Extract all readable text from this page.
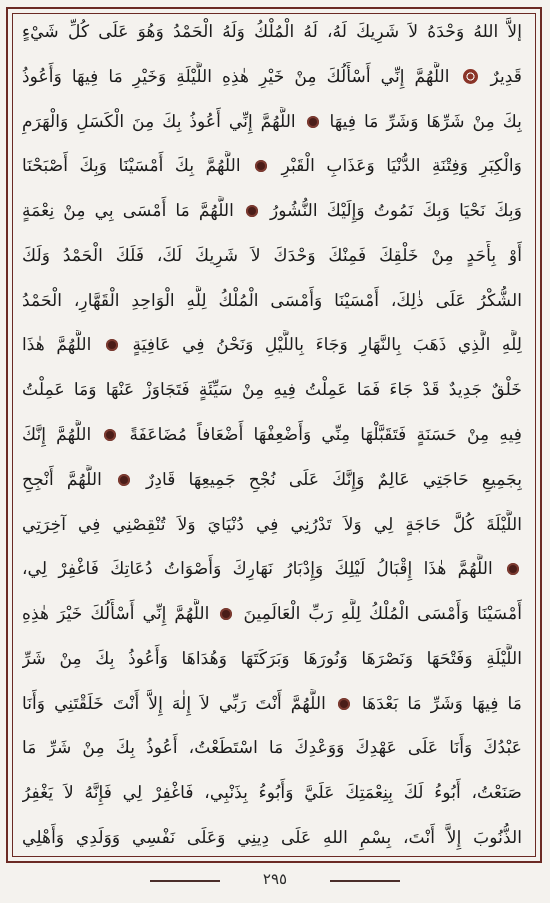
إلاَّ اللهُ وَحْدَهُ لاَ شَرِيكَ لَهُ، لَهُ الْمُلْكُ وَلَهُ الْحَمْدُ وَهُوَ عَلَى كُلِّ شَيْءٍ
قَدِيرٌ  اللَّهُمَّ إِنِّي أَسْأَلُكَ مِنْ خَيْرِ هٰذِهِ اللَّيْلَةِ وَخَيْرِ مَا فِيهَا وَأَعُوذُ
بِكَ مِنْ شَرِّهَا وَشَرِّ مَا فِيهَا  اللَّهُمَّ إِنِّي أَعُوذُ بِكَ مِنَ الْكَسَلِ وَالْهَرَمِ
وَالْكِبَرِ وَفِتْنَةِ الدُّنْيَا وَعَذَابِ الْقَبْرِ  اللَّهُمَّ بِكَ أَمْسَيْنَا وَبِكَ أَصْبَحْنَا
وَبِكَ نَحْيَا وَبِكَ نَمُوتُ وَإِلَيْكَ النُّشُورُ  اللَّهُمَّ مَا أَمْسَى بِي مِنْ نِعْمَةٍ
أَوْ بِأَحَدٍ مِنْ خَلْقِكَ فَمِنْكَ وَحْدَكَ لاَ شَرِيكَ لَكَ، فَلَكَ الْحَمْدُ وَلَكَ
الشُّكْرُ عَلَى ذٰلِكَ، أَمْسَيْنَا وَأَمْسَى الْمُلْكُ لِلَّهِ الْوَاحِدِ الْقَهَّارِ، الْحَمْدُ
لِلَّهِ الَّذِي ذَهَبَ بِالنَّهَارِ وَجَاءَ بِاللَّيْلِ وَنَحْنُ فِي عَافِيَةٍ  اللَّهُمَّ هٰذَا
خَلْقٌ جَدِيدٌ قَدْ جَاءَ فَمَا عَمِلْتُ فِيهِ مِنْ سَيِّئَةٍ فَتَجَاوَزْ عَنْهَا وَمَا عَمِلْتُ
فِيهِ مِنْ حَسَنَةٍ فَتَقَبَّلْهَا مِنِّي وَأَضْعِفْهَا أَضْعَافاً مُضَاعَفَةً  اللَّهُمَّ إِنَّكَ
بِجَمِيعِ حَاجَتِي عَالِمٌ وَإِنَّكَ عَلَى نُجْحِ جَمِيعِهَا قَادِرٌ  اللَّهُمَّ أَنْجِحِ
اللَّيْلَةَ كُلَّ حَاجَةٍ لِي وَلاَ تَدْرُنِي فِي دُنْيَايَ وَلاَ تُنْقِصْنِي فِي آخِرَتِي
اللَّهُمَّ هٰذَا إِقْبَالُ لَيْلِكَ وَإِدْبَارُ نَهَارِكَ وَأَصْوَاتُ دُعَاتِكَ فَاغْفِرْ لِي،
أَمْسَيْنَا وَأَمْسَى الْمُلْكُ لِلَّهِ رَبِّ الْعَالَمِينَ  اللَّهُمَّ إِنِّي أَسْأَلُكَ خَيْرَ هٰذِهِ
اللَّيْلَةِ وَفَتْحَهَا وَنَصْرَهَا وَنُورَهَا وَبَرَكَتَهَا وَهُدَاهَا وَأَعُوذُ بِكَ مِنْ شَرِّ
مَا فِيهَا وَشَرِّ مَا بَعْدَهَا  اللَّهُمَّ أَنْتَ رَبِّي لاَ إِلٰهَ إِلاَّ أَنْتَ خَلَقْتَنِي وَأَنَا
عَبْدُكَ وَأَنَا عَلَى عَهْدِكَ وَوَعْدِكَ مَا اسْتَطَعْتُ، أَعُوذُ بِكَ مِنْ شَرِّ مَا
صَنَعْتُ، أَبُوءُ لَكَ بِنِعْمَتِكَ عَلَيَّ وَأَبُوءُ بِذَنْبِي، فَاغْفِرْ لِي فَإِنَّهُ لاَ يَغْفِرُ
الذُّنُوبَ إِلاَّ أَنْتَ، بِسْمِ اللهِ عَلَى دِينِي وَعَلَى نَفْسِي وَوَلَدِي وَأَهْلِي
٢٩٥
